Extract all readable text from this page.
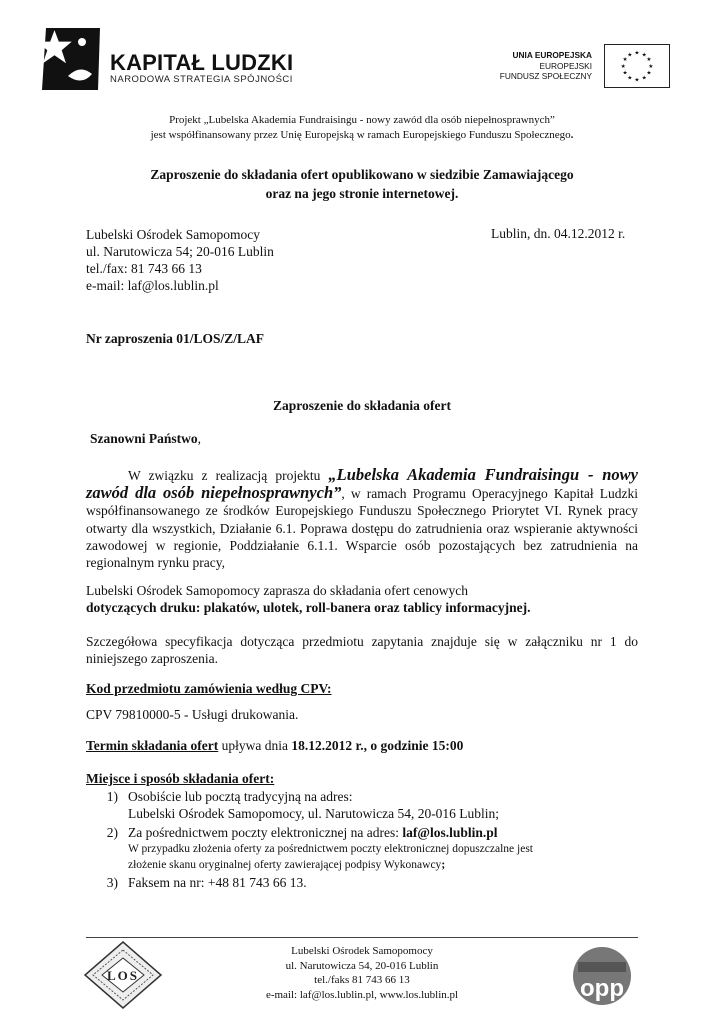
KAPITAŁ LUDZKI
NARODOWA STRATEGIA SPÓJNOŚCI
UNIA EUROPEJSKA
EUROPEJSKI
FUNDUSZ SPOŁECZNY
★ ★
★
★
★
★
★
★
★
★
★
★
Projekt „Lubelska Akademia Fundraisingu - nowy zawód dla osób niepełnosprawnych”
jest współfinansowany przez Unię Europejską w ramach Europejskiego Funduszu Społecznego.
Zaproszenie do składania ofert opublikowano w siedzibie Zamawiającego
oraz na jego stronie internetowej.
Lubelski Ośrodek Samopomocy
ul. Narutowicza 54; 20-016 Lublin
tel./fax: 81 743 66 13
e-mail: laf@los.lublin.pl
Lublin, dn. 04.12.2012 r.
Nr zaproszenia 01/LOS/Z/LAF
Zaproszenie do składania ofert
Szanowni Państwo,
W związku z realizacją projektu „Lubelska Akademia Fundraisingu - nowy zawód dla osób niepełnosprawnych”, w ramach Programu Operacyjnego Kapitał Ludzki współfinansowanego ze środków Europejskiego Funduszu Społecznego Priorytet VI. Rynek pracy otwarty dla wszystkich, Działanie 6.1. Poprawa dostępu do zatrudnienia oraz wspieranie aktywności zawodowej w regionie, Poddziałanie 6.1.1. Wsparcie osób pozostających bez zatrudnienia na regionalnym rynku pracy,
Lubelski Ośrodek Samopomocy zaprasza do składania ofert cenowych
dotyczących druku: plakatów, ulotek, roll-banera oraz tablicy informacyjnej.
Szczegółowa specyfikacja dotycząca przedmiotu zapytania znajduje się w załączniku nr 1 do niniejszego zaproszenia.
Kod przedmiotu zamówienia według CPV:
CPV 79810000-5 - Usługi drukowania.
Termin składania ofert upływa dnia 18.12.2012 r., o godzinie 15:00
Miejsce i sposób składania ofert:
1) Osobiście lub pocztą tradycyjną na adres:
Lubelski Ośrodek Samopomocy, ul. Narutowicza 54, 20-016 Lublin;
2) Za pośrednictwem poczty elektronicznej na adres: laf@los.lublin.pl
W przypadku złożenia oferty za pośrednictwem poczty elektronicznej dopuszczalne jest
złożenie skanu oryginalnej oferty zawierającej podpisy Wykonawcy;
3) Faksem na nr: +48 81 743 66 13.
LOS
Lubelski Ośrodek Samopomocy
ul. Narutowicza 54, 20-016 Lublin
tel./faks 81 743 66 13
e-mail: laf@los.lublin.pl, www.los.lublin.pl	opp
